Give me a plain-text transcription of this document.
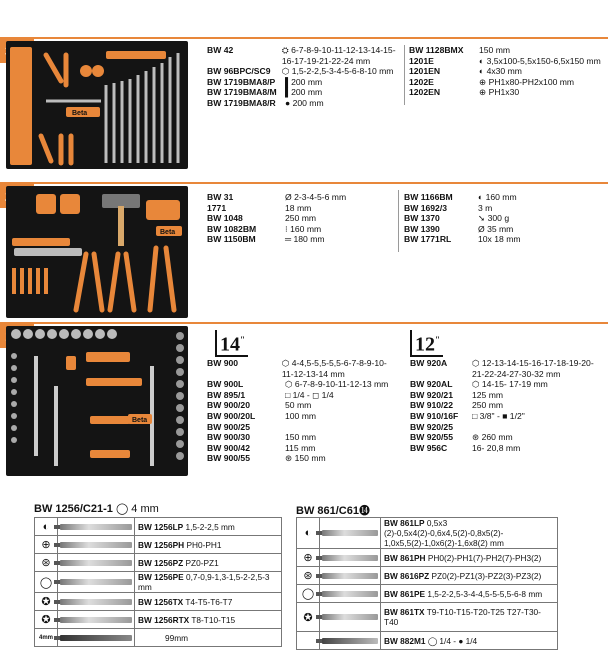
Beta
BW 42	⛭ 6-7-8-9-10-11-12-13-14-15-16-17-19-21-22-24 mm
BW 96BPC/SC9	⬡ 1,5-2-2,5-3-4-5-6-8-10 mm
BW 1719BMA8/P	▌200 mm
BW 1719BMA8/M ▌200 mm
BW 1719BMA8/R	● 200 mm
BW 1128BMX	150 mm
1201E	◐ 3,5x100-5,5x150-6,5x150 mm
1201EN	◐ 4x30 mm
1202E	⊕ PH1x80-PH2x100 mm
1202EN	⊕ PH1x30
Beta
BW 31	Ø 2-3-4-5-6 mm
1771	18 mm
BW 1048	250 mm
BW 1082BM	⁝ 160 mm
BW 1150BM	═ 180 mm
BW 1166BM	◐ 160 mm
BW 1692/3	3 m
BW 1370	➘ 300 g
BW 1390	Ø 35 mm
BW 1771RL	10x 18 mm
Beta
14"	12"
BW 900	⬡ 4-4,5-5,5-5,5-6-7-8-9-10-11-12-13-14 mm
BW 900L	⬡ 6-7-8-9-10-11-12-13 mm
BW 895/1	□ 1/4 - ◻ 1/4
BW 900/20	50 mm
BW 900/20L	100 mm
BW 900/25
BW 900/30	150 mm
BW 900/42	115 mm
BW 900/55	⊛ 150 mm
BW 920A	⬡ 12-13-14-15-16-17-18-19-20-21-22-24-27-30-32 mm
BW 920AL	⬡ 14-15- 17-19 mm
BW 920/21	125 mm
BW 910/22	250 mm
BW 910/16F	□ 3/8" - ■ 1/2"
BW 920/25
BW 920/55	⊛ 260 mm
BW 956C	16- 20,8 mm
BW 1256/C21-1 ◯ 4 mm
◐		BW 1256LP 1,5-2-2,5 mm
⊕		BW 1256PH PH0-PH1
⊛		BW 1256PZ PZ0-PZ1
◯		BW 1256PE 0,7-0,9-1,3-1,5-2-2,5-3 mm
✪		BW 1256TX T4-T5-T6-T7
✪		BW 1256RTX T8-T10-T15
4mm		99mm
BW 861/C61⓮
◐		BW 861LP 0,5x3 (2)-0,5x4(2)-0,6x4,5(2)-0,8x5(2)- 1,0x5,5(2)-1,0x6(2)-1,6x8(2) mm
⊕		BW 861PH PH0(2)-PH1(7)-PH2(7)-PH3(2)
⊛		BW 8616PZ PZ0(2)-PZ1(3)-PZ2(3)-PZ3(2)
◯		BW 861PE 1,5-2-2,5-3-4-4,5-5-5,5-6-8 mm
✪		BW 861TX T9-T10-T15-T20-T25 T27-T30-T40

	BW 882M1 ◯ 1/4 - ● 1/4
